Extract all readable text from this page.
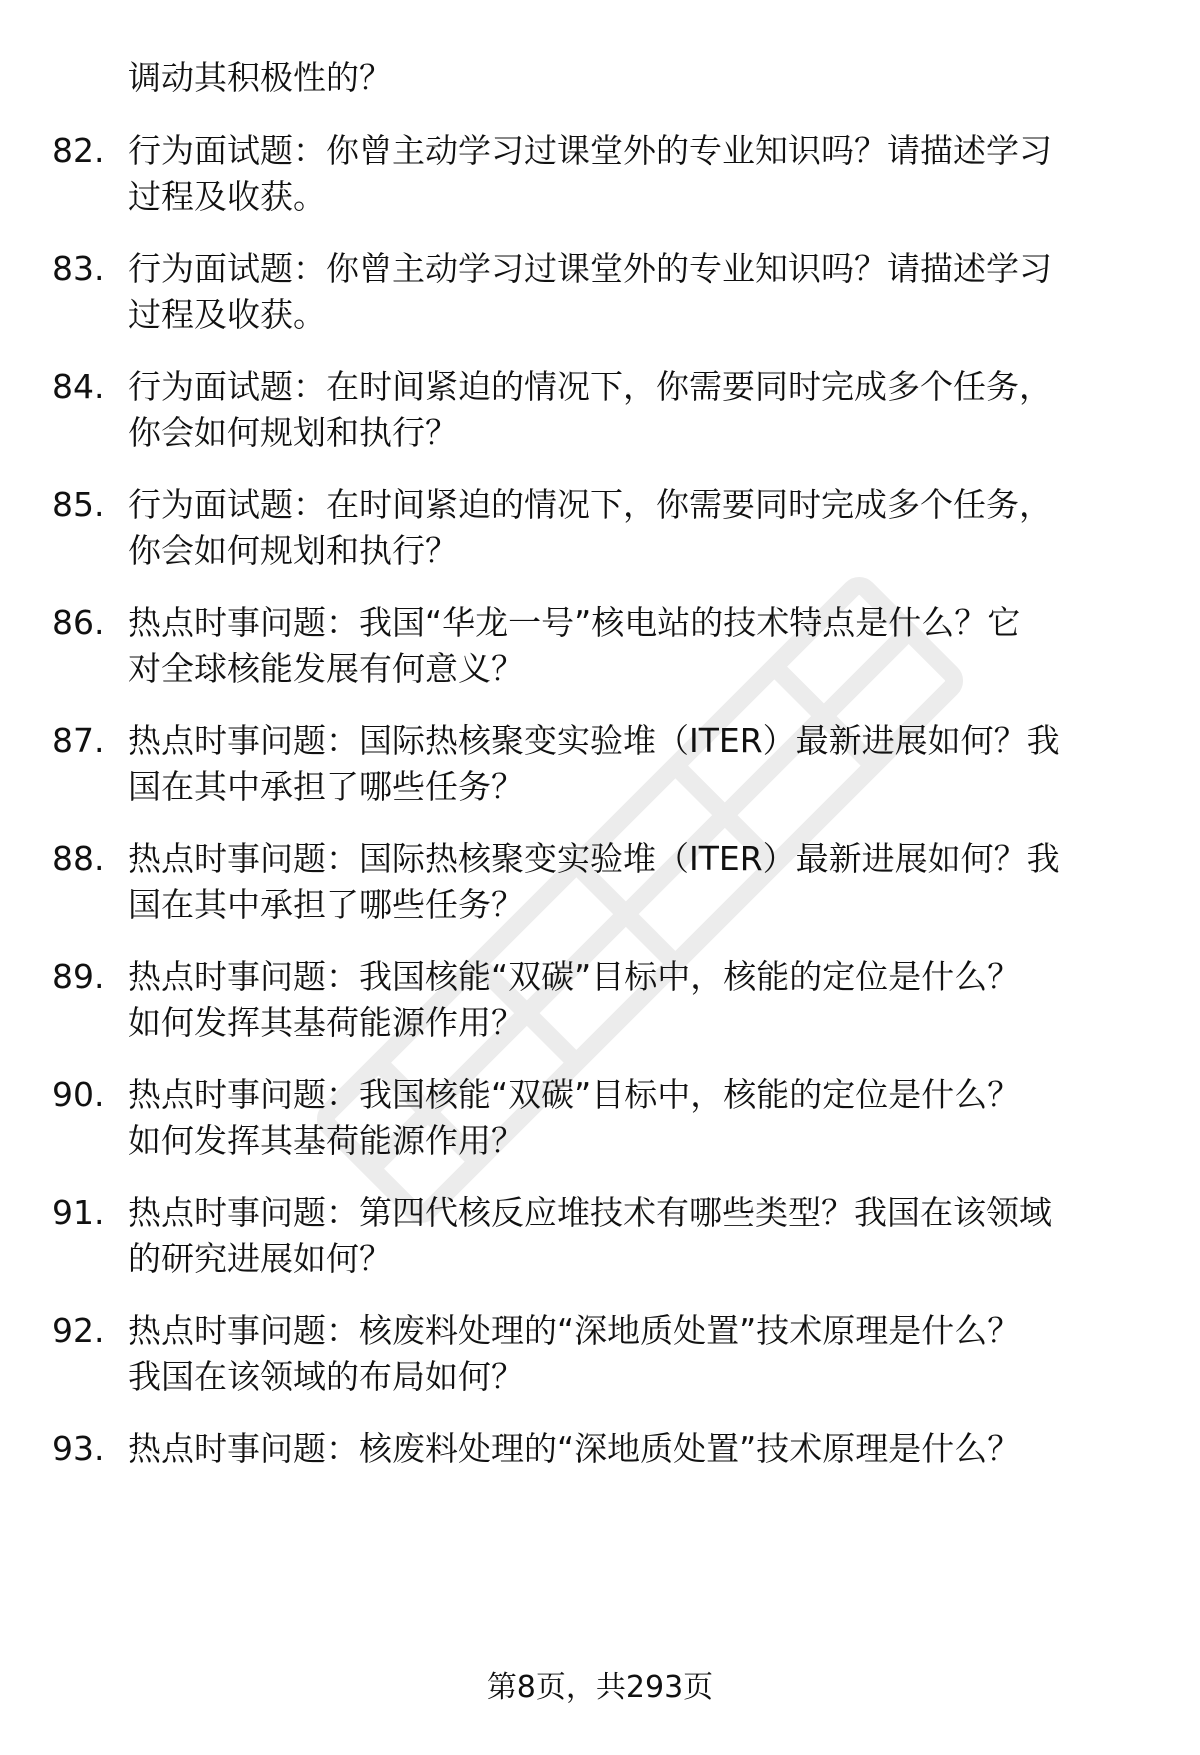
调动其积极性的？
82. 行为面试题：你曾主动学习过课堂外的专业知识吗？请描述学习
过程及收获。
83. 行为面试题：你曾主动学习过课堂外的专业知识吗？请描述学习
过程及收获。
84. 行为面试题：在时间紧迫的情况下，你需要同时完成多个任务，
你会如何规划和执行？
85. 行为面试题：在时间紧迫的情况下，你需要同时完成多个任务，
你会如何规划和执行？
86. 热点时事问题：我国“华龙一号”核电站的技术特点是什么？它
对全球核能发展有何意义？
87. 热点时事问题：国际热核聚变实验堆（ITER）最新进展如何？我
国在其中承担了哪些任务？
88. 热点时事问题：国际热核聚变实验堆（ITER）最新进展如何？我
国在其中承担了哪些任务？
89. 热点时事问题：我国核能“双碳”目标中，核能的定位是什么？
如何发挥其基荷能源作用？
90. 热点时事问题：我国核能“双碳”目标中，核能的定位是什么？
如何发挥其基荷能源作用？
91. 热点时事问题：第四代核反应堆技术有哪些类型？我国在该领域
的研究进展如何？
92. 热点时事问题：核废料处理的“深地质处置”技术原理是什么？
我国在该领域的布局如何？
93. 热点时事问题：核废料处理的“深地质处置”技术原理是什么？
第8页，共293页
